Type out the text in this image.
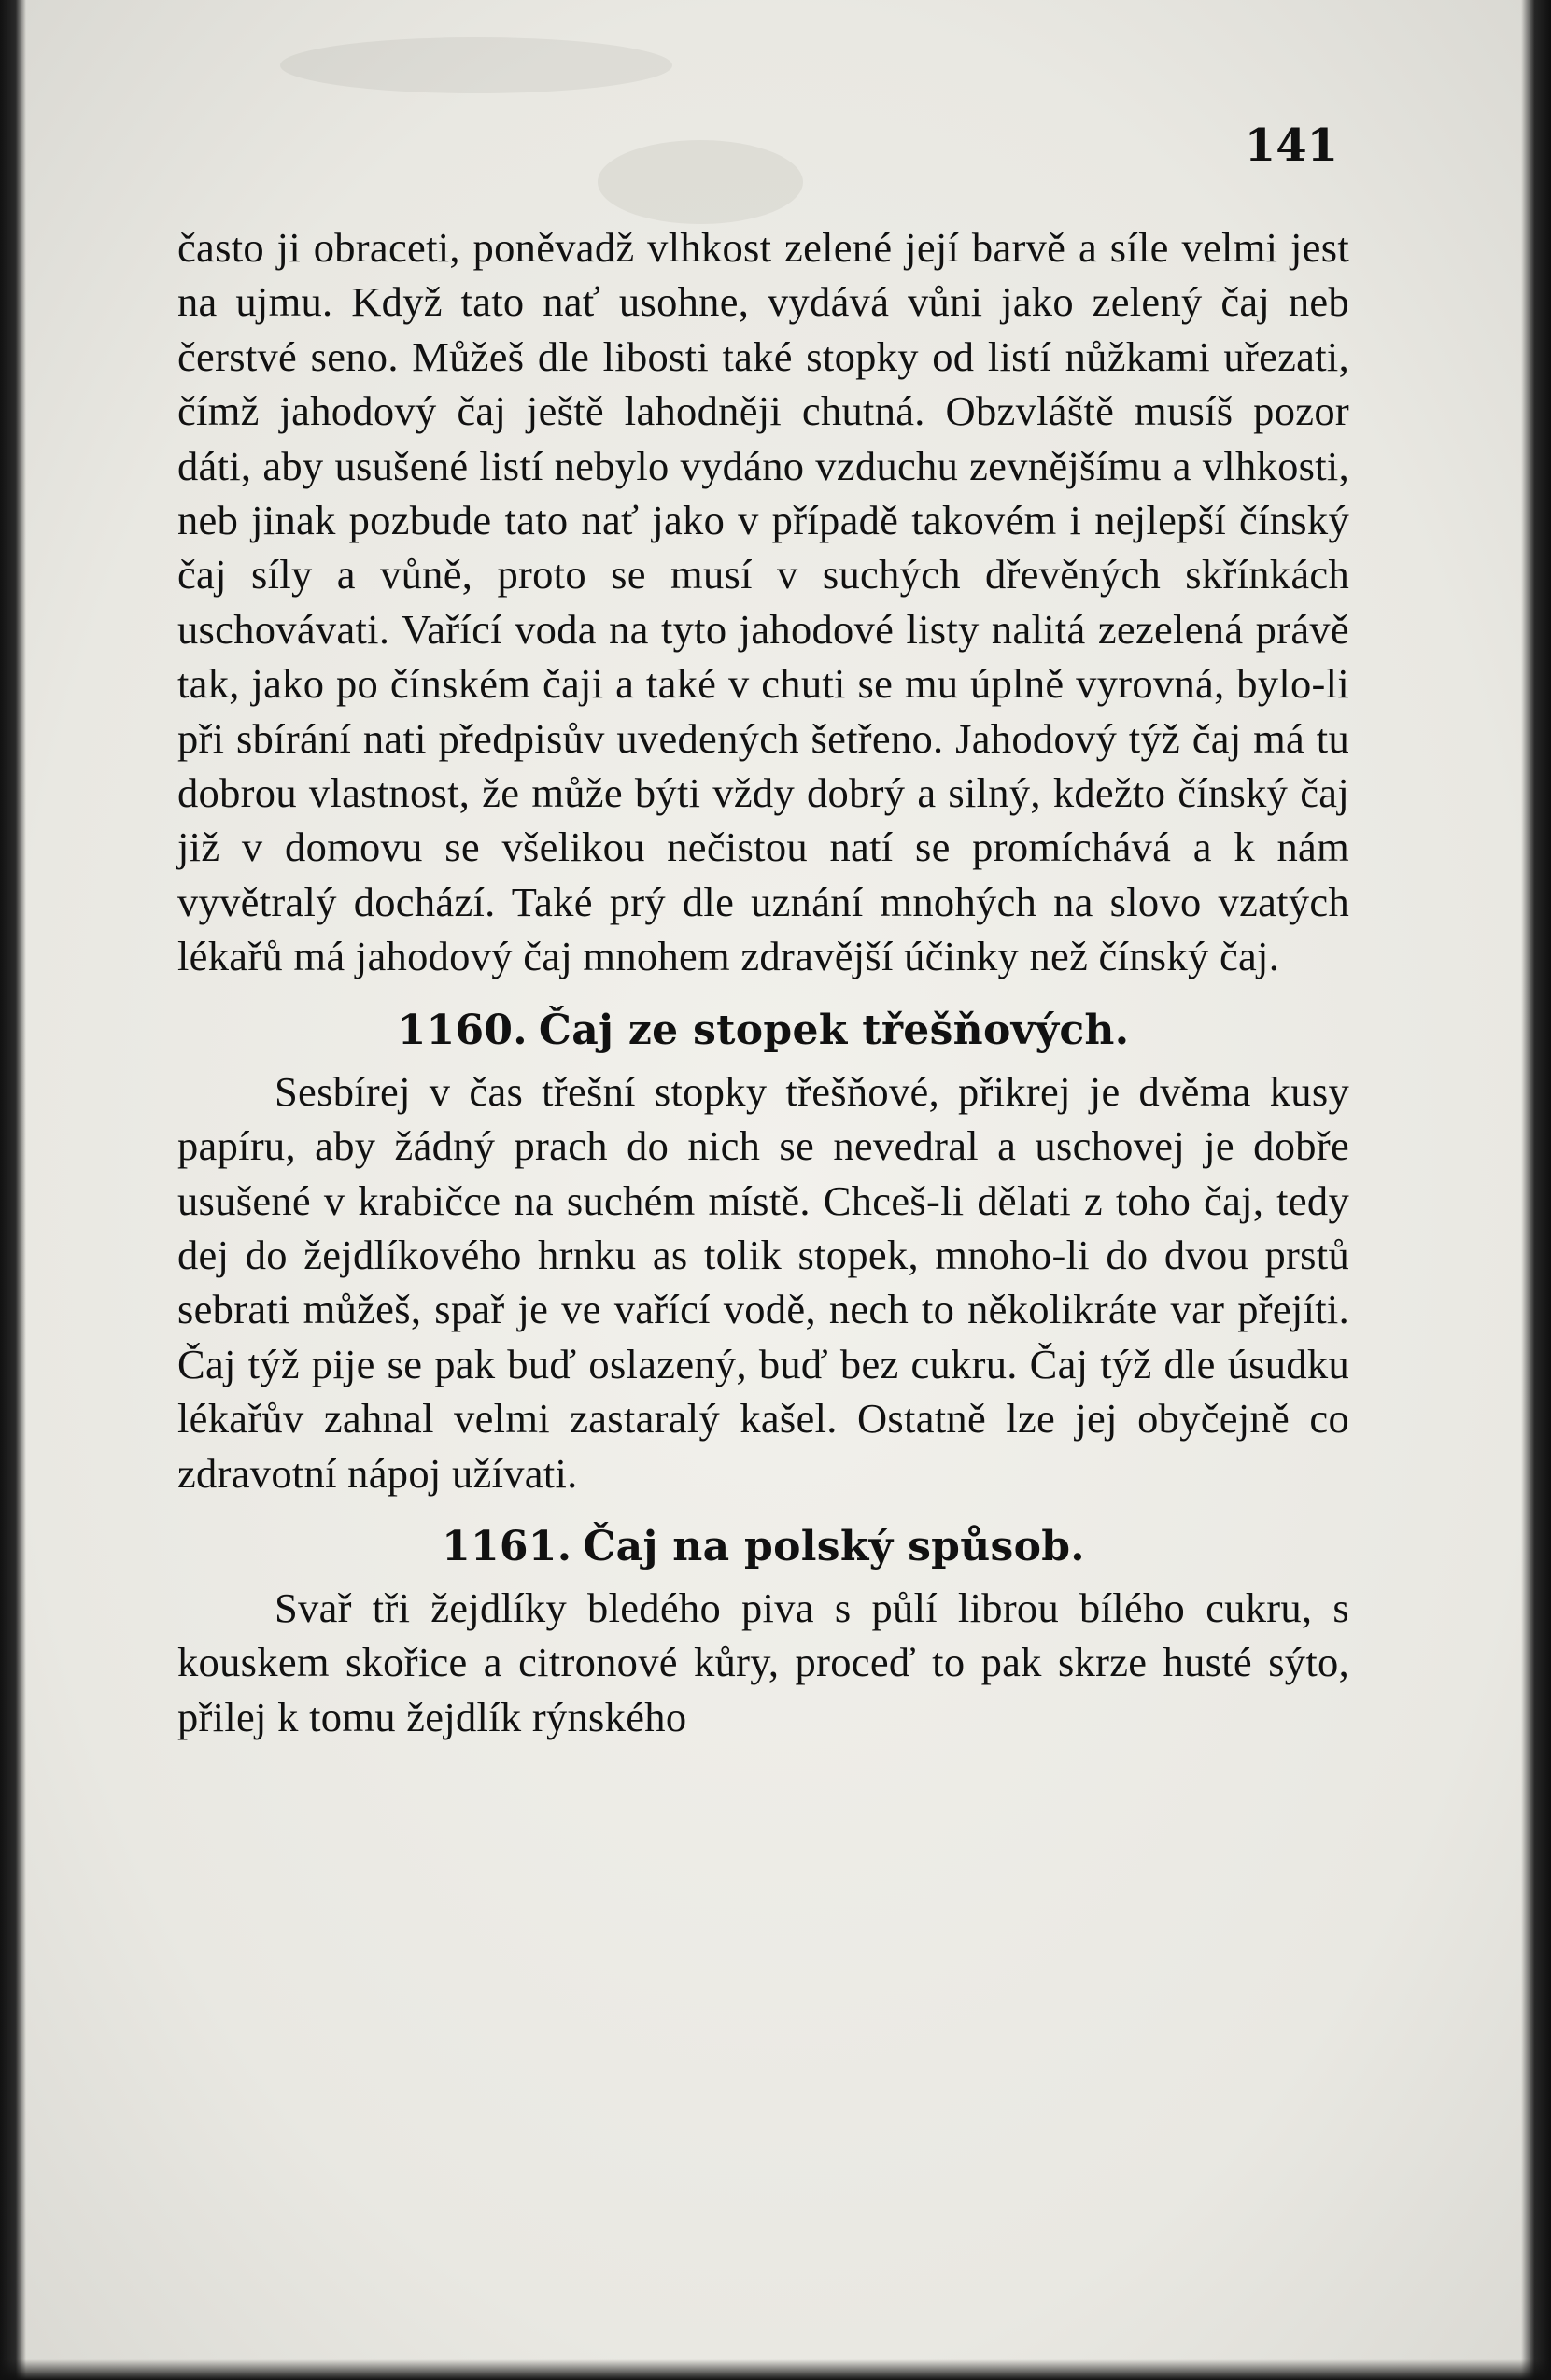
141

často ji obraceti, poněvadž vlhkost zelené její barvě a síle velmi jest na ujmu. Když tato nať usohne, vydává vůni jako zelený čaj neb čerstvé seno. Můžeš dle libosti také stopky od listí nůžkami uřezati, čímž jahodový čaj ještě lahodněji chutná. Obzvláště musíš pozor dáti, aby usušené listí nebylo vydáno vzduchu zevnějšímu a vlhkosti, neb jinak pozbude tato nať jako v případě takovém i nejlepší čínský čaj síly a vůně, proto se musí v suchých dřevěných skřínkách uschovávati. Vařící voda na tyto jahodové listy nalitá zezelená právě tak, jako po čínském čaji a také v chuti se mu úplně vyrovná, bylo-li při sbírání nati předpisův uvedených šetřeno. Jahodový týž čaj má tu dobrou vlastnost, že může býti vždy dobrý a silný, kdežto čínský čaj již v domovu se všelikou nečistou natí se promíchává a k nám vyvětralý dochází. Také prý dle uznání mnohých na slovo vzatých lékařů má jahodový čaj mnohem zdravější účinky než čínský čaj.

1160. Čaj ze stopek třešňových.

Sesbírej v čas třešní stopky třešňové, přikrej je dvěma kusy papíru, aby žádný prach do nich se nevedral a uschovej je dobře usušené v krabičce na suchém místě. Chceš-li dělati z toho čaj, tedy dej do žejdlíkového hrnku as tolik stopek, mnoho-li do dvou prstů sebrati můžeš, spař je ve vařící vodě, nech to několikráte var přejíti. Čaj týž pije se pak buď oslazený, buď bez cukru. Čaj týž dle úsudku lékařův zahnal velmi zastaralý kašel. Ostatně lze jej obyčejně co zdravotní nápoj užívati.

1161. Čaj na polský spůsob.

Svař tři žejdlíky bledého piva s půlí librou bílého cukru, s kouskem skořice a citronové kůry, proceď to pak skrze husté sýto, přilej k tomu žejdlík rýnského
